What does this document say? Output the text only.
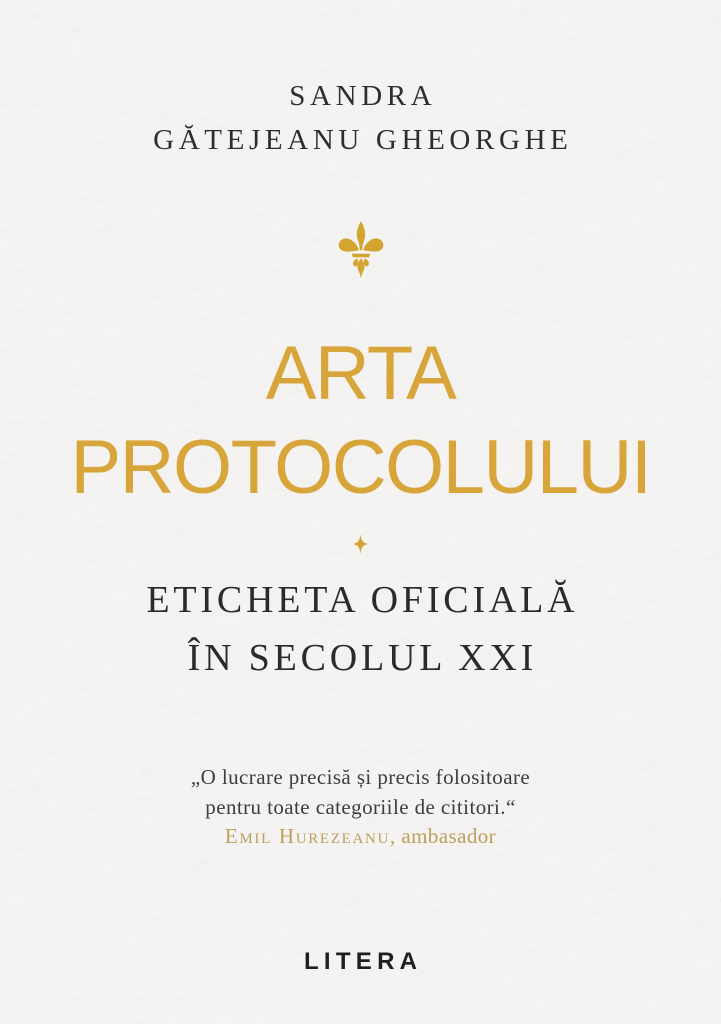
SANDRA
GĂTEJEANU GHEORGHE
ARTA
PROTOCOLULUI
ETICHETA OFICIALĂ
ÎN SECOLUL XXI
„O lucrare precisă și precis folositoare
pentru toate categoriile de cititori.“
Emil Hurezeanu, ambasador
LITERA
